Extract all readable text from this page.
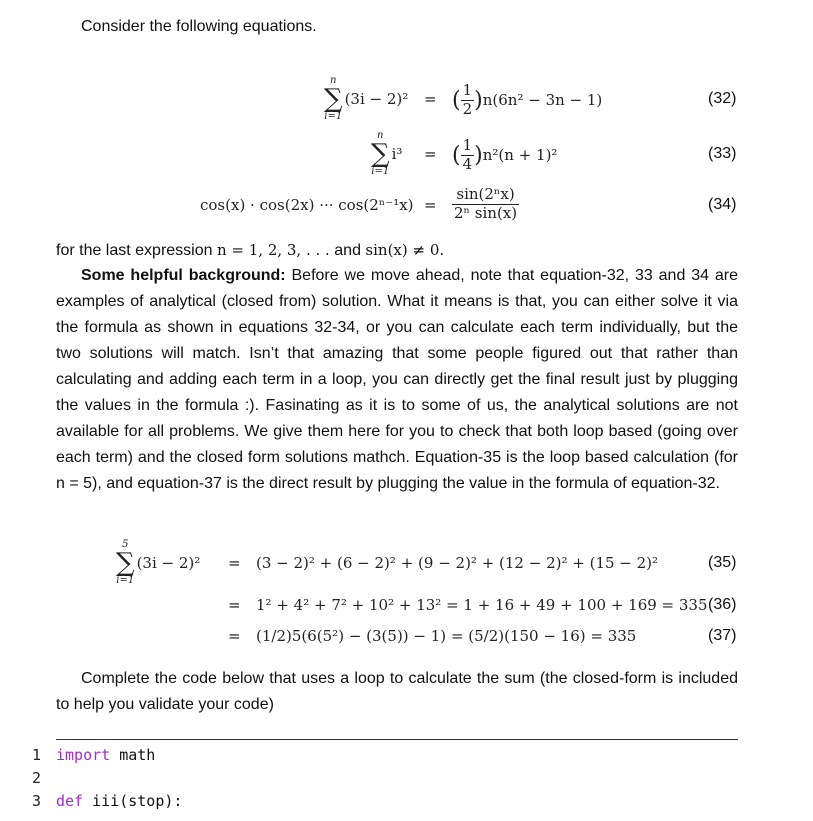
Consider the following equations.
n
∑
i=1
(3i − 2)² = ( $\frac{1}{2}$ ) n(6n² − 3n − 1)	(32)
n
∑
i=1
i³ = ( $\frac{1}{4}$ ) n²(n + 1)²	(33)
cos(x) · cos(2x) ··· $\cos(2^{n-1}x) = \frac{\text{sin(2ⁿx)}}{\text{2ⁿ sin(x)}}$	(34)
for the last expression n = 1, 2, 3, . . . and sin(x) ≠ 0.
Some helpful background: Before we move ahead, note that equation-32, 33 and 34 are examples of analytical (closed from) solution. What it means is that, you can either solve it via the formula as shown in equations 32-34, or you can calculate each term individually, but the two solutions will match. Isn’t that amazing that some people figured out that rather than calculating and adding each term in a loop, you can directly get the final result just by plugging the values in the formula :). Fasinating as it is to some of us, the analytical solutions are not available for all problems. We give them here for you to check that both loop based (going over each term) and the closed form solutions mathch. Equation-35 is the loop based calculation (for n = 5), and equation-37 is the direct result by plugging the value in the formula of equation-32.
5
∑
i=1
(3i − 2)² = (3 − 2)² + (6 − 2)² + (9 − 2)² + (12 − 2)² + (15 − 2)²	(35)
= 1² + 4² + 7² + 10² + 13² = 1 + 16 + 49 + 100 + 169 = 335 (36)
= (1/2)5(6(5²) − (3(5)) − 1) = (5/2)(150 − 16) = 335	(37)
Complete the code below that uses a loop to calculate the sum (the closed-form is included to help you validate your code)
1 import math
2
3 def iii(stop):
